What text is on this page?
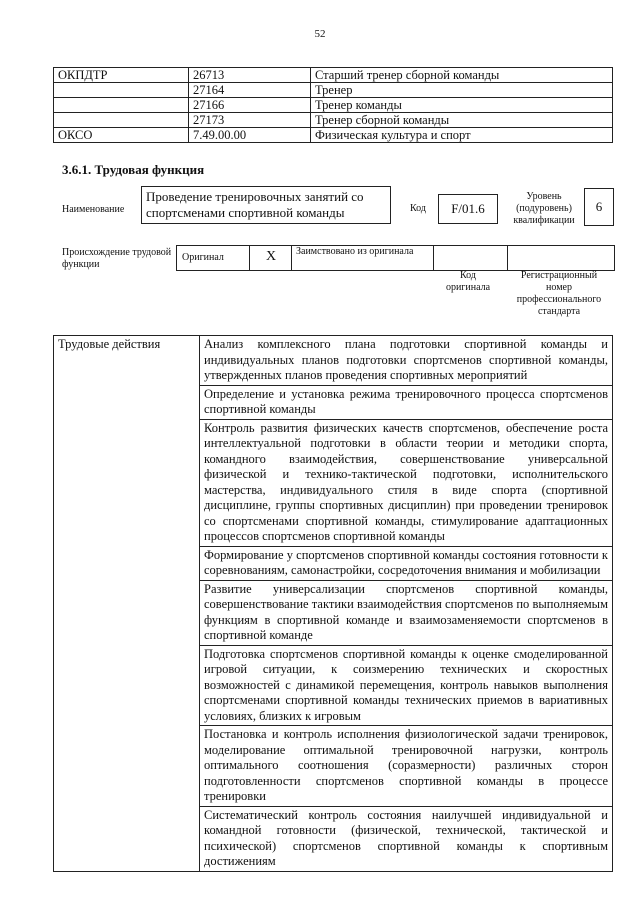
52
ОКПДТР	26713	Старший тренер сборной команды
	27164	Тренер
	27166	Тренер команды
	27173	Тренер сборной команды
ОКСО	7.49.00.00	Физическая культура и спорт
3.6.1. Трудовая функция
Наименование
Проведение тренировочных занятий со спортсменами спортивной команды	Код	F/01.6
Уровень (подуровень) квалификации
6
Происхождение трудовой функции
Оригинал	X	Заимствовано из оригинала
Код оригинала
Регистрационный номер профессионального стандарта
Трудовые действия	Анализ комплексного плана подготовки спортивной команды и индивидуальных планов подготовки спортсменов спортивной команды, утвержденных планов проведения спортивных мероприятий
Определение и установка режима тренировочного процесса спортсменов спортивной команды
Контроль развития физических качеств спортсменов, обеспечение роста интеллектуальной подготовки в области теории и методики спорта, командного взаимодействия, совершенствование универсальной физической и технико-тактической подготовки, исполнительского мастерства, индивидуального стиля в виде спорта (спортивной дисциплине, группы спортивных дисциплин) при проведении тренировок со спортсменами спортивной команды, стимулирование адаптационных процессов спортсменов спортивной команды
Формирование у спортсменов спортивной команды состояния готовности к соревнованиям, самонастройки, сосредоточения внимания и мобилизации
Развитие универсализации спортсменов спортивной команды, совершенствование тактики взаимодействия спортсменов по выполняемым функциям в спортивной команде и взаимозаменяемости спортсменов в спортивной команде
Подготовка спортсменов спортивной команды к оценке смоделированной игровой ситуации, к соизмерению технических и скоростных возможностей с динамикой перемещения, контроль навыков выполнения спортсменами спортивной команды технических приемов в вариативных условиях, близких к игровым
Постановка и контроль исполнения физиологической задачи тренировок, моделирование оптимальной тренировочной нагрузки, контроль оптимального соотношения (соразмерности) различных сторон подготовленности спортсменов спортивной команды в процессе тренировки
Систематический контроль состояния наилучшей индивидуальной и командной готовности (физической, технической, тактической и психической) спортсменов спортивной команды к спортивным достижениям
